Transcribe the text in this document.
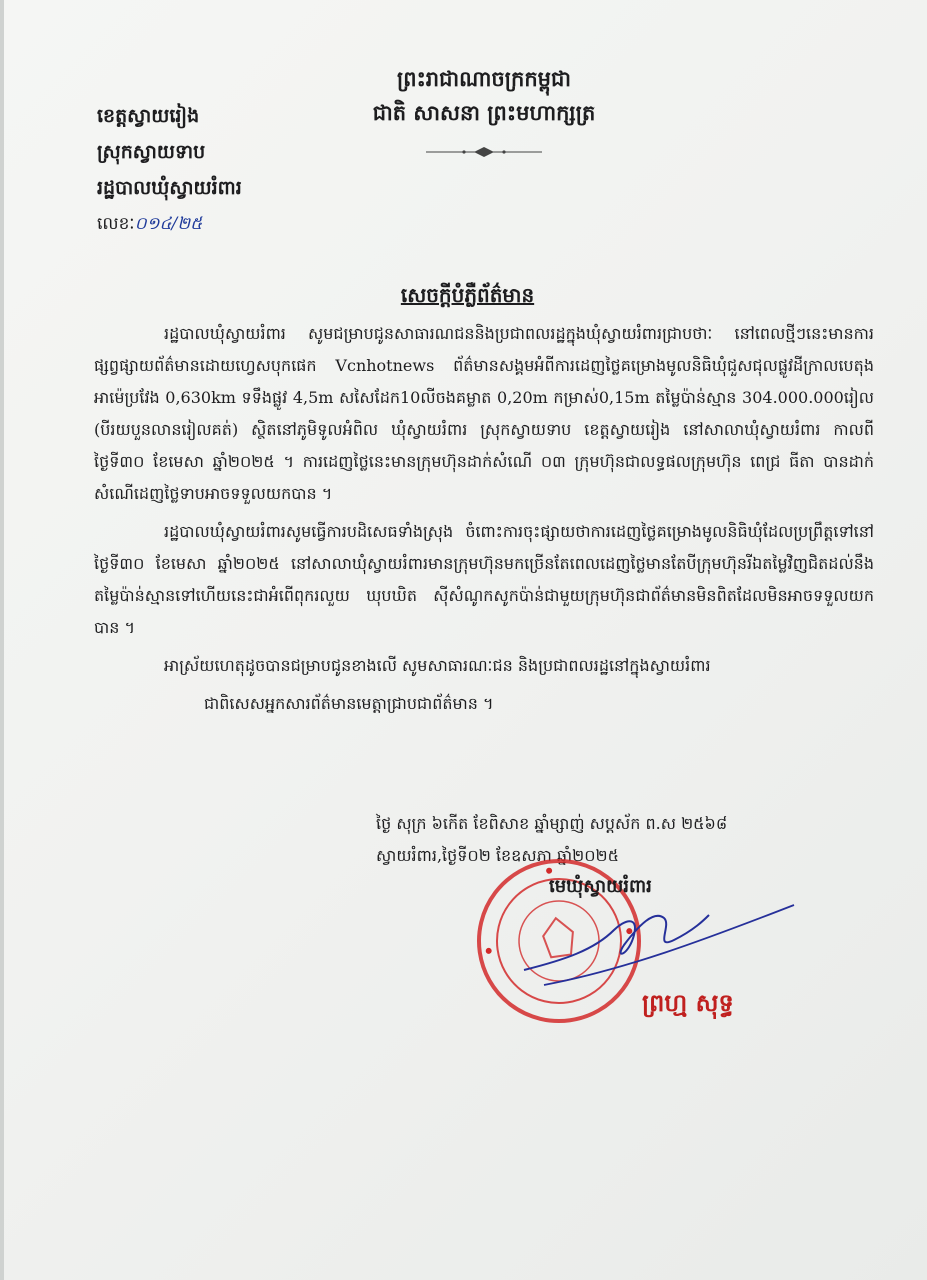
ព្រះរាជាណាចក្រកម្ពុជា
ជាតិ សាសនា ព្រះមហាក្សត្រ
ខេត្តស្វាយរៀង
ស្រុកស្វាយទាប
រដ្ឋបាលឃុំស្វាយរំពារ
លេខៈ០១៤/២៥
សេចក្តីបំភ្លឺព័ត៌មាន

រដ្ឋបាលឃុំស្វាយរំពារ សូមជម្រាបជូនសាធារណជននិងប្រជាពលរដ្ឋក្នុងឃុំស្វាយរំពារជ្រាបថាៈ នៅពេលថ្មីៗនេះមានការផ្សព្វផ្សាយព័ត៌មានដោយហ្វេសបុកផេក Vcnhotnews ព័ត៌មានសង្គមអំពីការដេញថ្លៃគម្រោងមូលនិធិឃុំជួសជុលផ្លូវដីក្រាលបេតុងអាម៉េប្រវែង 0,630km ទទឹងផ្លូវ 4,5m សសៃដែក10លីចងគម្លាត 0,20m កម្រាស់0,15m តម្លៃប៉ាន់ស្មាន 304.000.000រៀល (បីរយបួនលានរៀលគត់) ស្ថិតនៅភូមិទូលអំពិល ឃុំស្វាយរំពារ ស្រុកស្វាយទាប ខេត្តស្វាយរៀង នៅសាលាឃុំស្វាយរំពារ កាលពីថ្ងៃទី៣០ ខែមេសា ឆ្នាំ២០២៥ ។ ការដេញថ្លៃនេះមានក្រុមហ៊ុនដាក់សំណើ ០៣ ក្រុមហ៊ុនជាលទ្ធផលក្រុមហ៊ុន ពេជ្រ ធីតា បានដាក់សំណើដេញថ្លៃទាបអាចទទួលយកបាន ។

រដ្ឋបាលឃុំស្វាយរំពារសូមធ្វើការបដិសេធទាំងស្រុង ចំពោះការចុះផ្សាយថាការដេញថ្លៃគម្រោងមូលនិធិឃុំដែលប្រព្រឹត្តទៅនៅថ្ងៃទី៣០ ខែមេសា ឆ្នាំ២០២៥ នៅសាលាឃុំស្វាយរំពារមានក្រុមហ៊ុនមកច្រើនតែពេលដេញថ្លៃមានតែបីក្រុមហ៊ុនរីឯតម្លៃវិញជិតដល់នឹងតម្លៃប៉ាន់ស្មានទៅហើយនេះជាអំពើពុករលួយ ឃុបឃិត ស៊ីសំណូកសូកប៉ាន់ជាមួយក្រុមហ៊ុនជាព័ត៌មានមិនពិតដែលមិនអាចទទួលយកបាន ។

អាស្រ័យហេតុដូចបានជម្រាបជូនខាងលើ សូមសាធារណៈជន និងប្រជាពលរដ្ឋនៅក្នុងស្វាយរំពារ

ជាពិសេសអ្នកសារព័ត៌មានមេត្តាជ្រាបជាព័ត៌មាន ។

ថ្ងៃ សុក្រ ៦កើត ខែពិសាខ ឆ្នាំម្សាញ់ សប្តស័ក ព.ស ២៥៦៨
ស្វាយរំពារ,ថ្ងៃទី០២ ខែឧសភា ឆ្នាំ២០២៥
មេឃុំស្វាយរំពារ
ព្រហ្ម សុទ្ធ
